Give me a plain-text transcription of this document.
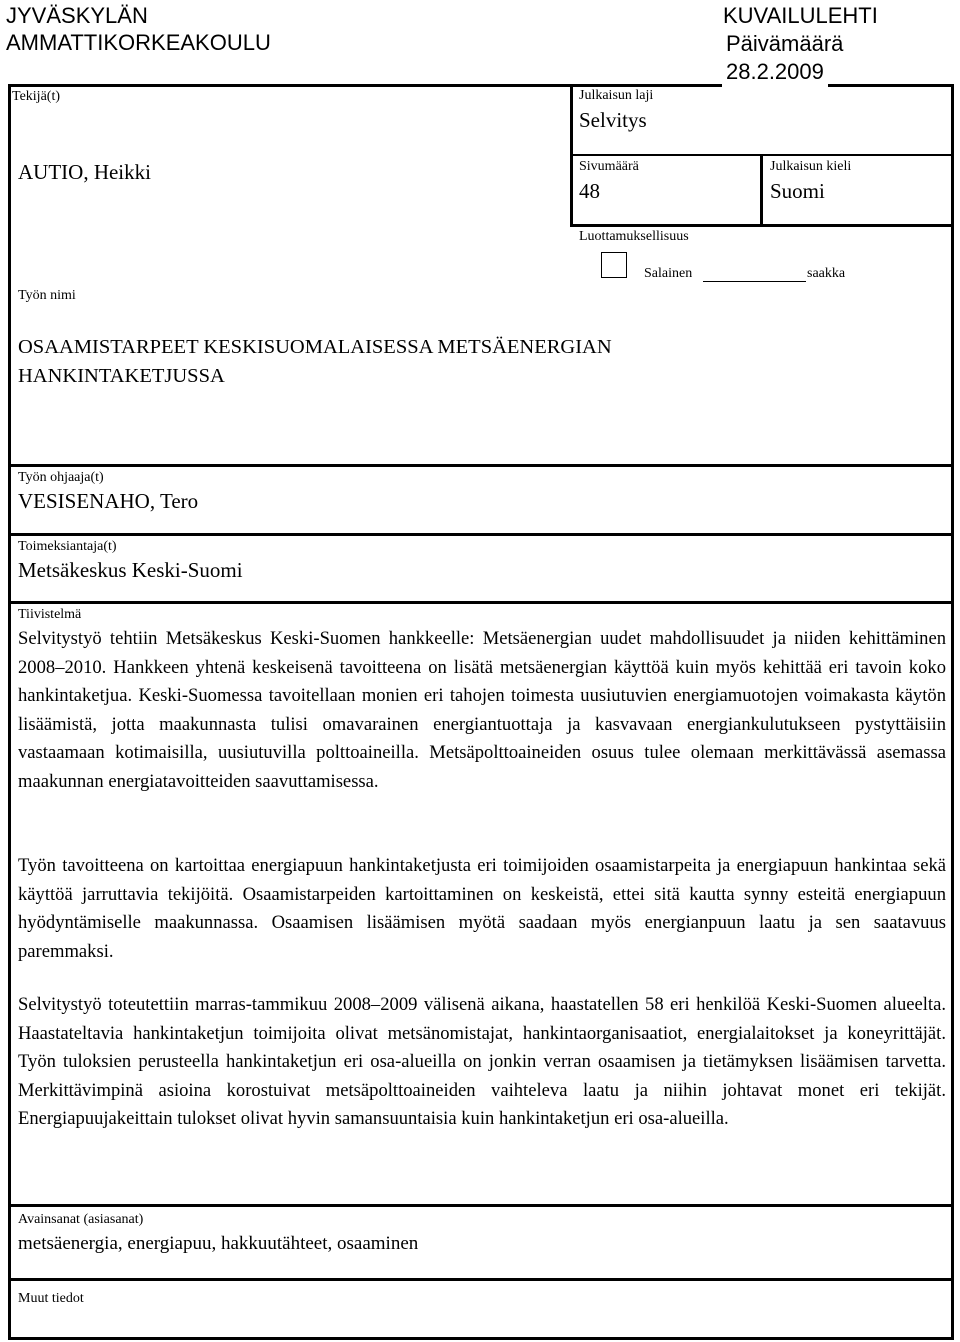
JYVÄSKYLÄN
AMMATTIKORKEAKOULU
KUVAILULEHTI
Päivämäärä
28.2.2009
Tekijä(t)
AUTIO, Heikki
Julkaisun laji
Selvitys
Sivumäärä
48
Julkaisun kieli
Suomi
Luottamuksellisuus
Salainen	saakka
Työn nimi
OSAAMISTARPEET KESKISUOMALAISESSA METSÄENERGIAN
HANKINTAKETJUSSA
Työn ohjaaja(t)
VESISENAHO, Tero
Toimeksiantaja(t)
Metsäkeskus Keski-Suomi
Tiivistelmä

Selvitystyö tehtiin Metsäkeskus Keski-Suomen hankkeelle: Metsäenergian uudet mahdollisuudet ja niiden kehittäminen 2008–2010. Hankkeen yhtenä keskeisenä tavoitteena on lisätä metsäenergian käyttöä kuin myös kehittää eri tavoin koko hankintaketjua. Keski-Suomessa tavoitellaan monien eri tahojen toimesta uusiutuvien energiamuotojen voimakasta käytön lisäämistä, jotta maakunnasta tulisi omavarainen energiantuottaja ja kasvavaan energiankulutukseen pystyttäisiin vastaamaan kotimaisilla, uusiutuvilla polttoaineilla. Metsäpolttoaineiden osuus tulee olemaan merkittävässä asemassa maakunnan energiatavoitteiden saavuttamisessa.

Työn tavoitteena on kartoittaa energiapuun hankintaketjusta eri toimijoiden osaamistarpeita ja energiapuun hankintaa sekä käyttöä jarruttavia tekijöitä. Osaamistarpeiden kartoittaminen on keskeistä, ettei sitä kautta synny esteitä energiapuun hyödyntämiselle maakunnassa. Osaamisen lisäämisen myötä saadaan myös energianpuun laatu ja sen saatavuus paremmaksi.

Selvitystyö toteutettiin marras-tammikuu 2008–2009 välisenä aikana, haastatellen 58 eri henkilöä Keski-Suomen alueelta. Haastateltavia hankintaketjun toimijoita olivat metsänomistajat, hankintaorganisaatiot, energialaitokset ja koneyrittäjät. Työn tuloksien perusteella hankintaketjun eri osa-alueilla on jonkin verran osaamisen ja tietämyksen lisäämisen tarvetta. Merkittävimpinä asioina korostuivat metsäpolttoaineiden vaihteleva laatu ja niihin johtavat monet eri tekijät. Energiapuujakeittain tulokset olivat hyvin samansuuntaisia kuin hankintaketjun eri osa-alueilla.

Avainsanat (asiasanat)
metsäenergia, energiapuu, hakkuutähteet, osaaminen
Muut tiedot
